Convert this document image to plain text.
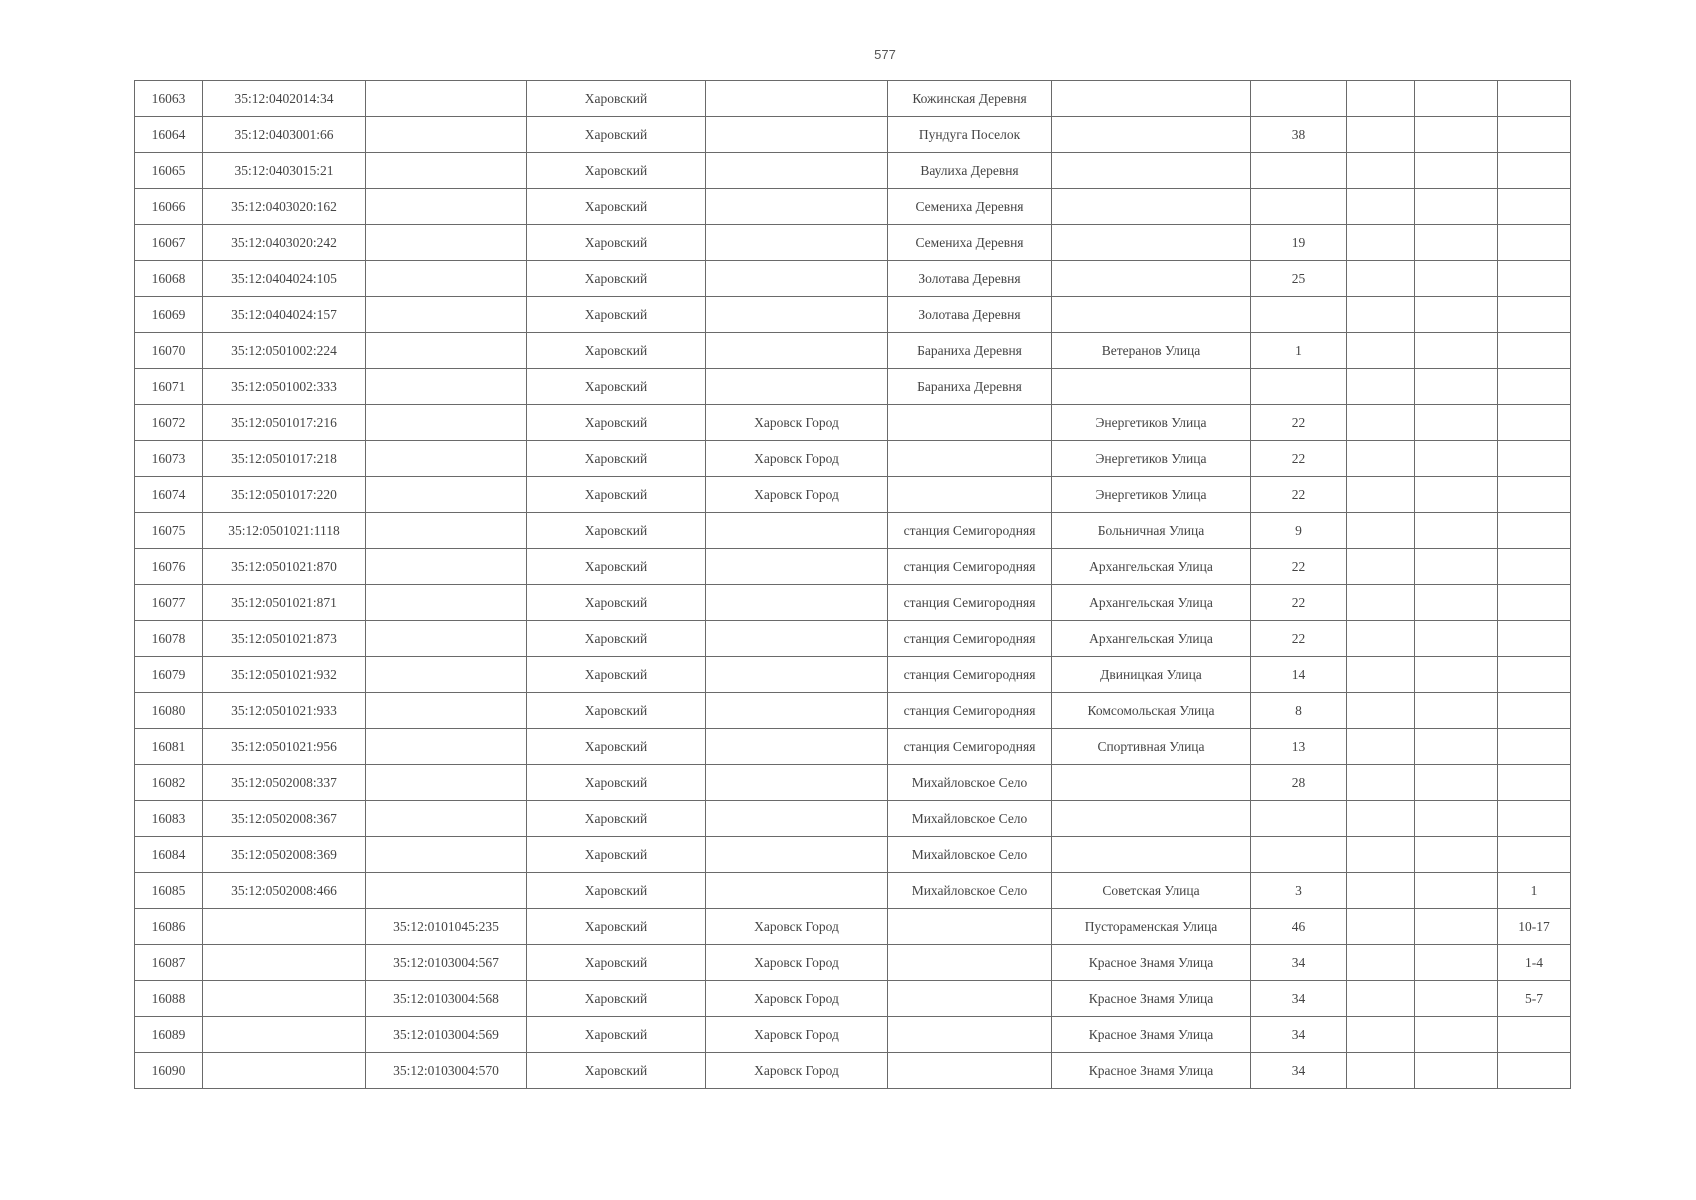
577
16063	35:12:0402014:34		Харовский		Кожинская Деревня					
16064	35:12:0403001:66		Харовский		Пундуга Поселок		38			
16065	35:12:0403015:21		Харовский		Ваулиха Деревня					
16066	35:12:0403020:162		Харовский		Семениха Деревня					
16067	35:12:0403020:242		Харовский		Семениха Деревня		19			
16068	35:12:0404024:105		Харовский		Золотава Деревня		25			
16069	35:12:0404024:157		Харовский		Золотава Деревня					
16070	35:12:0501002:224		Харовский		Бараниха Деревня	Ветеранов Улица	1			
16071	35:12:0501002:333		Харовский		Бараниха Деревня					
16072	35:12:0501017:216		Харовский	Харовск Город		Энергетиков Улица	22			
16073	35:12:0501017:218		Харовский	Харовск Город		Энергетиков Улица	22			
16074	35:12:0501017:220		Харовский	Харовск Город		Энергетиков Улица	22			
16075	35:12:0501021:1118		Харовский		станция Семигородняя	Больничная Улица	9			
16076	35:12:0501021:870		Харовский		станция Семигородняя	Архангельская Улица	22			
16077	35:12:0501021:871		Харовский		станция Семигородняя	Архангельская Улица	22			
16078	35:12:0501021:873		Харовский		станция Семигородняя	Архангельская Улица	22			
16079	35:12:0501021:932		Харовский		станция Семигородняя	Двиницкая Улица	14			
16080	35:12:0501021:933		Харовский		станция Семигородняя	Комсомольская Улица	8			
16081	35:12:0501021:956		Харовский		станция Семигородняя	Спортивная Улица	13			
16082	35:12:0502008:337		Харовский		Михайловское Село		28			
16083	35:12:0502008:367		Харовский		Михайловское Село					
16084	35:12:0502008:369		Харовский		Михайловское Село					
16085	35:12:0502008:466		Харовский		Михайловское Село	Советская Улица	3			1
16086		35:12:0101045:235	Харовский	Харовск Город		Пустораменская Улица	46			10-17
16087		35:12:0103004:567	Харовский	Харовск Город		Красное Знамя Улица	34			1-4
16088		35:12:0103004:568	Харовский	Харовск Город		Красное Знамя Улица	34			5-7
16089		35:12:0103004:569	Харовский	Харовск Город		Красное Знамя Улица	34			
16090		35:12:0103004:570	Харовский	Харовск Город		Красное Знамя Улица	34			
